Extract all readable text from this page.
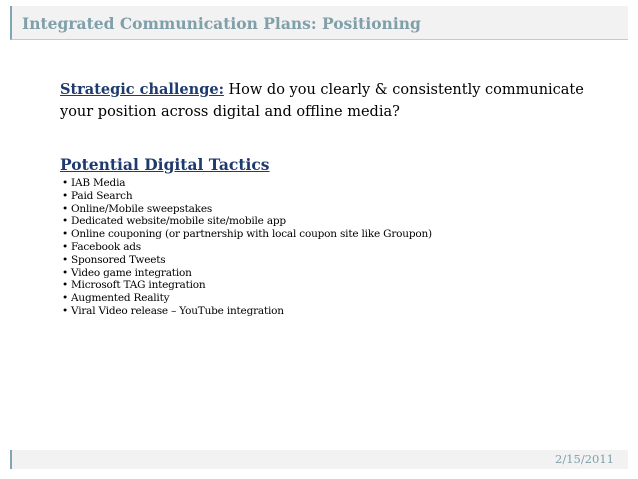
Integrated Communication Plans: Positioning
Strategic challenge: How do you clearly & consistently communicate your position across digital and offline media?
Potential Digital Tactics
• IAB Media
• Paid Search
• Online/Mobile sweepstakes
• Dedicated website/mobile site/mobile app
• Online couponing (or partnership with local coupon site like Groupon)
• Facebook ads
• Sponsored Tweets
• Video game integration
• Microsoft TAG integration
• Augmented Reality
• Viral Video release – YouTube integration
2/15/2011
